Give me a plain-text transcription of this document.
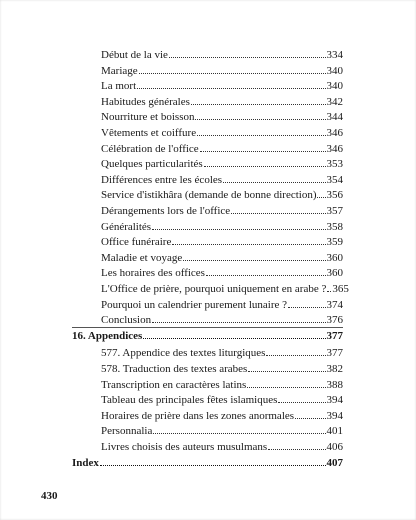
Début de la vie	334
Mariage	340
La mort	340
Habitudes générales	342
Nourriture et boisson	344
Vêtements et coiffure	346
Célébration de l'office	346
Quelques particularités	353
Différences entre les écoles	354
Service d'istikhâra (demande de bonne direction) 356
Dérangements lors de l'office	357
Généralités	358
Office funéraire	359
Maladie et voyage	360
Les horaires des offices	360
L'Office de prière, pourquoi uniquement en arabe ? 365
Pourquoi un calendrier purement lunaire ?	374
Conclusion	376
16. Appendices	377
577. Appendice des textes liturgiques	377
578. Traduction des textes arabes	382
Transcription en caractères latins	388
Tableau des principales fêtes islamiques	394
Horaires de prière dans les zones anormales	394
Personnalia	401
Livres choisis des auteurs musulmans	406
Index	407
430
